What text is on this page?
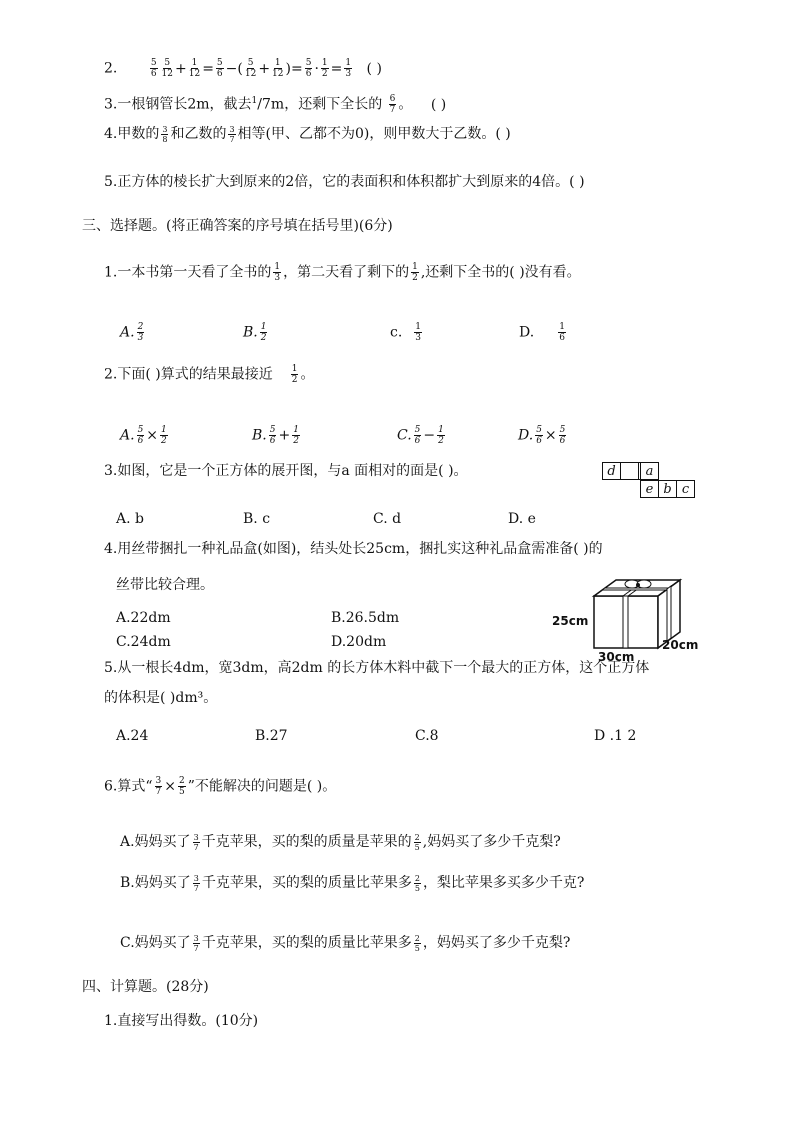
2.	$\frac{5}{6} \frac{5}{12} + \frac{1}{12} = \frac{5}{6}$ −( $\frac{5}{12} + \frac{1}{12}$ )= $\frac{5}{6} \cdot \frac{1}{2} = \frac{1}{3}$ ( )
3.一根钢管长2m，截去$^1$/7m，还剩下全长的 $\frac{6}{7}$ 。 ( )
4.甲数的 $\frac{3}{8}$ 和乙数的 $\frac{3}{7}$ 相等(甲、乙都不为0)，则甲数大于乙数。( )
5.正方体的棱长扩大到原来的2倍，它的表面积和体积都扩大到原来的4倍。( )
三、选择题。(将正确答案的序号填在括号里)(6分)
1.一本书第一天看了全书的 $\frac{1}{3}$ ，第二天看了剩下的 $\frac{1}{2}$ ,还剩下全书的( )没有看。
A. $\frac{2}{3}$	B. $\frac{1}{2}$	c. $\frac{1}{3}$	D.	$\frac{1}{6}$
2.下面( )算式的结果最接近 $\frac{1}{2}$ 。
A. $\frac{5}{6} \times \frac{1}{2}$	B. $\frac{5}{6} + \frac{1}{2}$	C. $\frac{5}{6} - \frac{1}{2}$	D. $\frac{5}{6} \times \frac{5}{6}$
3.如图，它是一个正方体的展开图，与a 面相对的面是( )。	d	a
e b c
A. b	B. c	C. d	D. e
4.用丝带捆扎一种礼品盒(如图)，结头处长25cm，捆扎实这种礼品盒需准备( )的
丝带比较合理。
A.22dm	B.26.5dm
C.24dm	D.20dm
25cm
20cm
30cm
5.从一根长4dm，宽3dm，高2dm 的长方体木料中截下一个最大的正方体，这个正方体
的体积是( )dm³。
A.24	B.27	C.8	D .1 2
6.算式“ $\frac{3}{7} \times \frac{2}{5}$ ”不能解决的问题是( )。
A.妈妈买了 $\frac{3}{7}$ 千克苹果，买的梨的质量是苹果的 $\frac{2}{5}$ ,妈妈买了多少千克梨?
B.妈妈买了 $\frac{3}{7}$ 千克苹果，买的梨的质量比苹果多 $\frac{2}{5}$ ，梨比苹果多买多少千克?
C.妈妈买了 $\frac{3}{7}$ 千克苹果，买的梨的质量比苹果多 $\frac{2}{5}$ ，妈妈买了多少千克梨?
四、计算题。(28分)
1.直接写出得数。(10分)
